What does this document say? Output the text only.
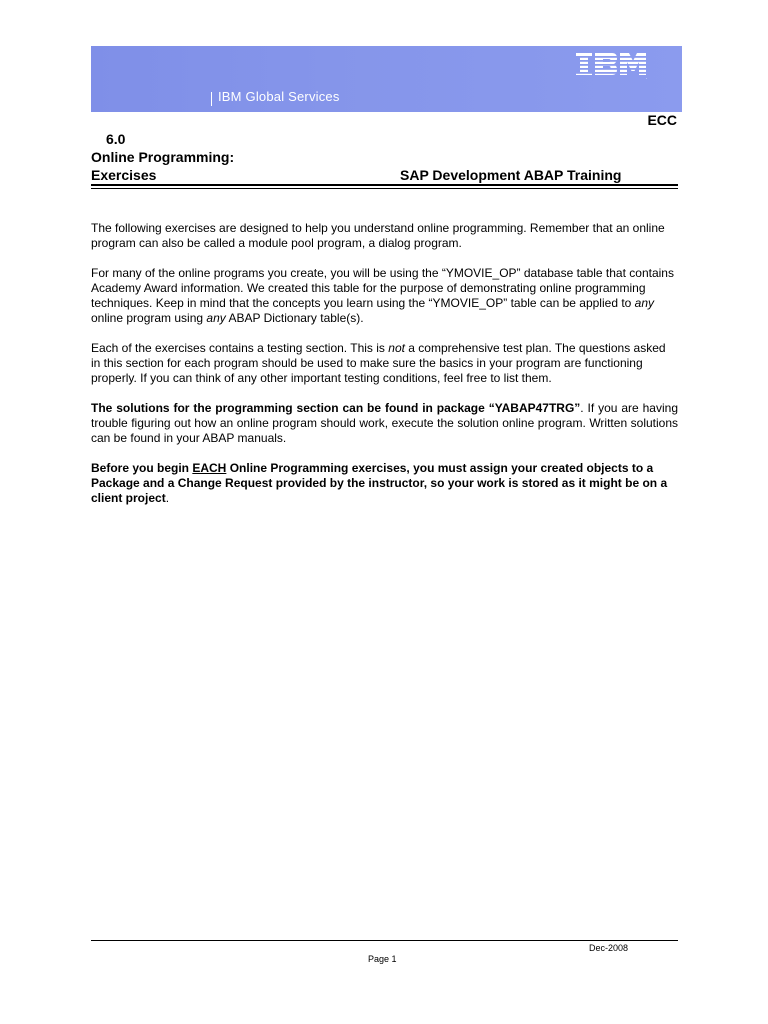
IBM Global Services
.
ECC
6.0
Online Programming:
Exercises	SAP Development ABAP Training

The following exercises are designed to help you understand online programming. Remember that an online program can also be called a module pool program, a dialog program.

For many of the online programs you create, you will be using the “YMOVIE_OP” database table that contains Academy Award information. We created this table for the purpose of demonstrating online programming techniques. Keep in mind that the concepts you learn using the “YMOVIE_OP” table can be applied to any online program using any ABAP Dictionary table(s).

Each of the exercises contains a testing section. This is not a comprehensive test plan. The questions asked in this section for each program should be used to make sure the basics in your program are functioning properly. If you can think of any other important testing conditions, feel free to list them.

The solutions for the programming section can be found in package “YABAP47TRG”. If you are having trouble figuring out how an online program should work, execute the solution online program. Written solutions can be found in your ABAP manuals.

Before you begin EACH Online Programming exercises, you must assign your created objects to a Package and a Change Request provided by the instructor, so your work is stored as it might be on a client project.

Dec-2008
Page 1
